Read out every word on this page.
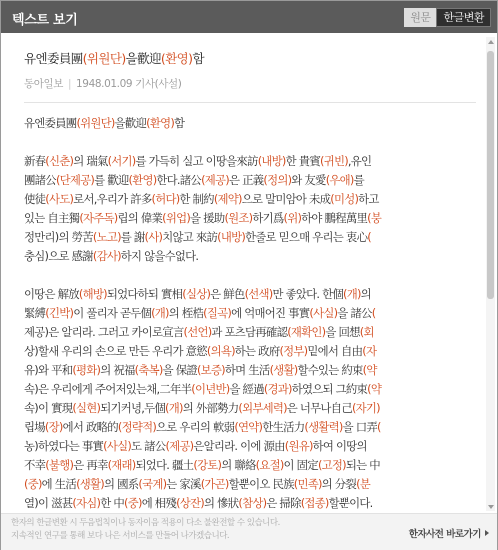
텍스트 보기	원문	한글변환
유엔委員團(위원단)을歡迎(환영)함
동아일보 | 1948.01.09 기사(사설)
유엔委員團(위원단)을歡迎(환영)함
新春(신춘)의 瑞氣(서기)를 가득히 실고 이땅을來訪(내방)한 貴賓(귀빈),유인
團諸公(단제공)를 歡迎(환영)한다.諸公(제공)은 正義(정의)와 友愛(우애)를
使徒(사도)로서,우리가 許多(허다)한 制約(제약)으로 말미암아 未成(미성)하고
있는 自主獨(자주독)립의 偉業(위업)을 援助(원조)하기爲(위)하야 鵬程萬里(붕
정만리)의 勞苦(노고)를 謝(사)치않고 來訪(내방)한줄로 믿으매 우리는 衷心(
충심)으로 感謝(감사)하지 않을수없다.
이땅은 解放(해방)되었다하되 實相(실상)은 鮮色(선색)만 좋았다. 한個(개)의
緊縛(긴박)이 풀리자 곧두個(개)의 桎梏(질곡)에 억매어진 事實(사실)을 諸公(
제공)은 알리라. 그러고 카이로宣言(선언)과 포츠담再確認(재확인)을 回想(회
상)할새 우리의 손으로 만든 우리가 意慾(의욕)하는 政府(정부)밑에서 自由(자
유)와 平和(평화)의 祝福(축복)을 保證(보증)하며 生活(생활)할수있는 約束(약
속)은 우리에게 주어저있는채,二年半(이년반)을 經過(경과)하였으되 그約束(약
속)이 實現(실현)되기커녕,두個(개)의 外部勢力(외부세력)은 너무나自己(자기)
립場(장)에서 政略的(정략적)으로 우리의 軟弱(연약)한生活力(생활력)을 口弄(
농)하였다는 事實(사실)도 諸公(제공)은알리라. 이에 源由(원유)하여 이땅의
不幸(불행)은 再幸(재래)되었다. 疆土(강토)의 聯絡(요절)이 固定(고정)되는 中
(중)에 生活(생활)의 國系(국계)는 家溪(가곤)할뿐이오 民族(민족)의 分裂(분
열)이 滋甚(자심)한 中(중)에 相殘(상잔)의 慘狀(참상)은 掃除(접종)할뿐이다.
한자의 한글변환 시 두음법칙이나 동자이음 적용이 다소 불완전할 수 있습니다.
지속적인 연구를 통해 보다 나은 서비스를 만들어 나가겠습니다.	한자사전 바로가기
